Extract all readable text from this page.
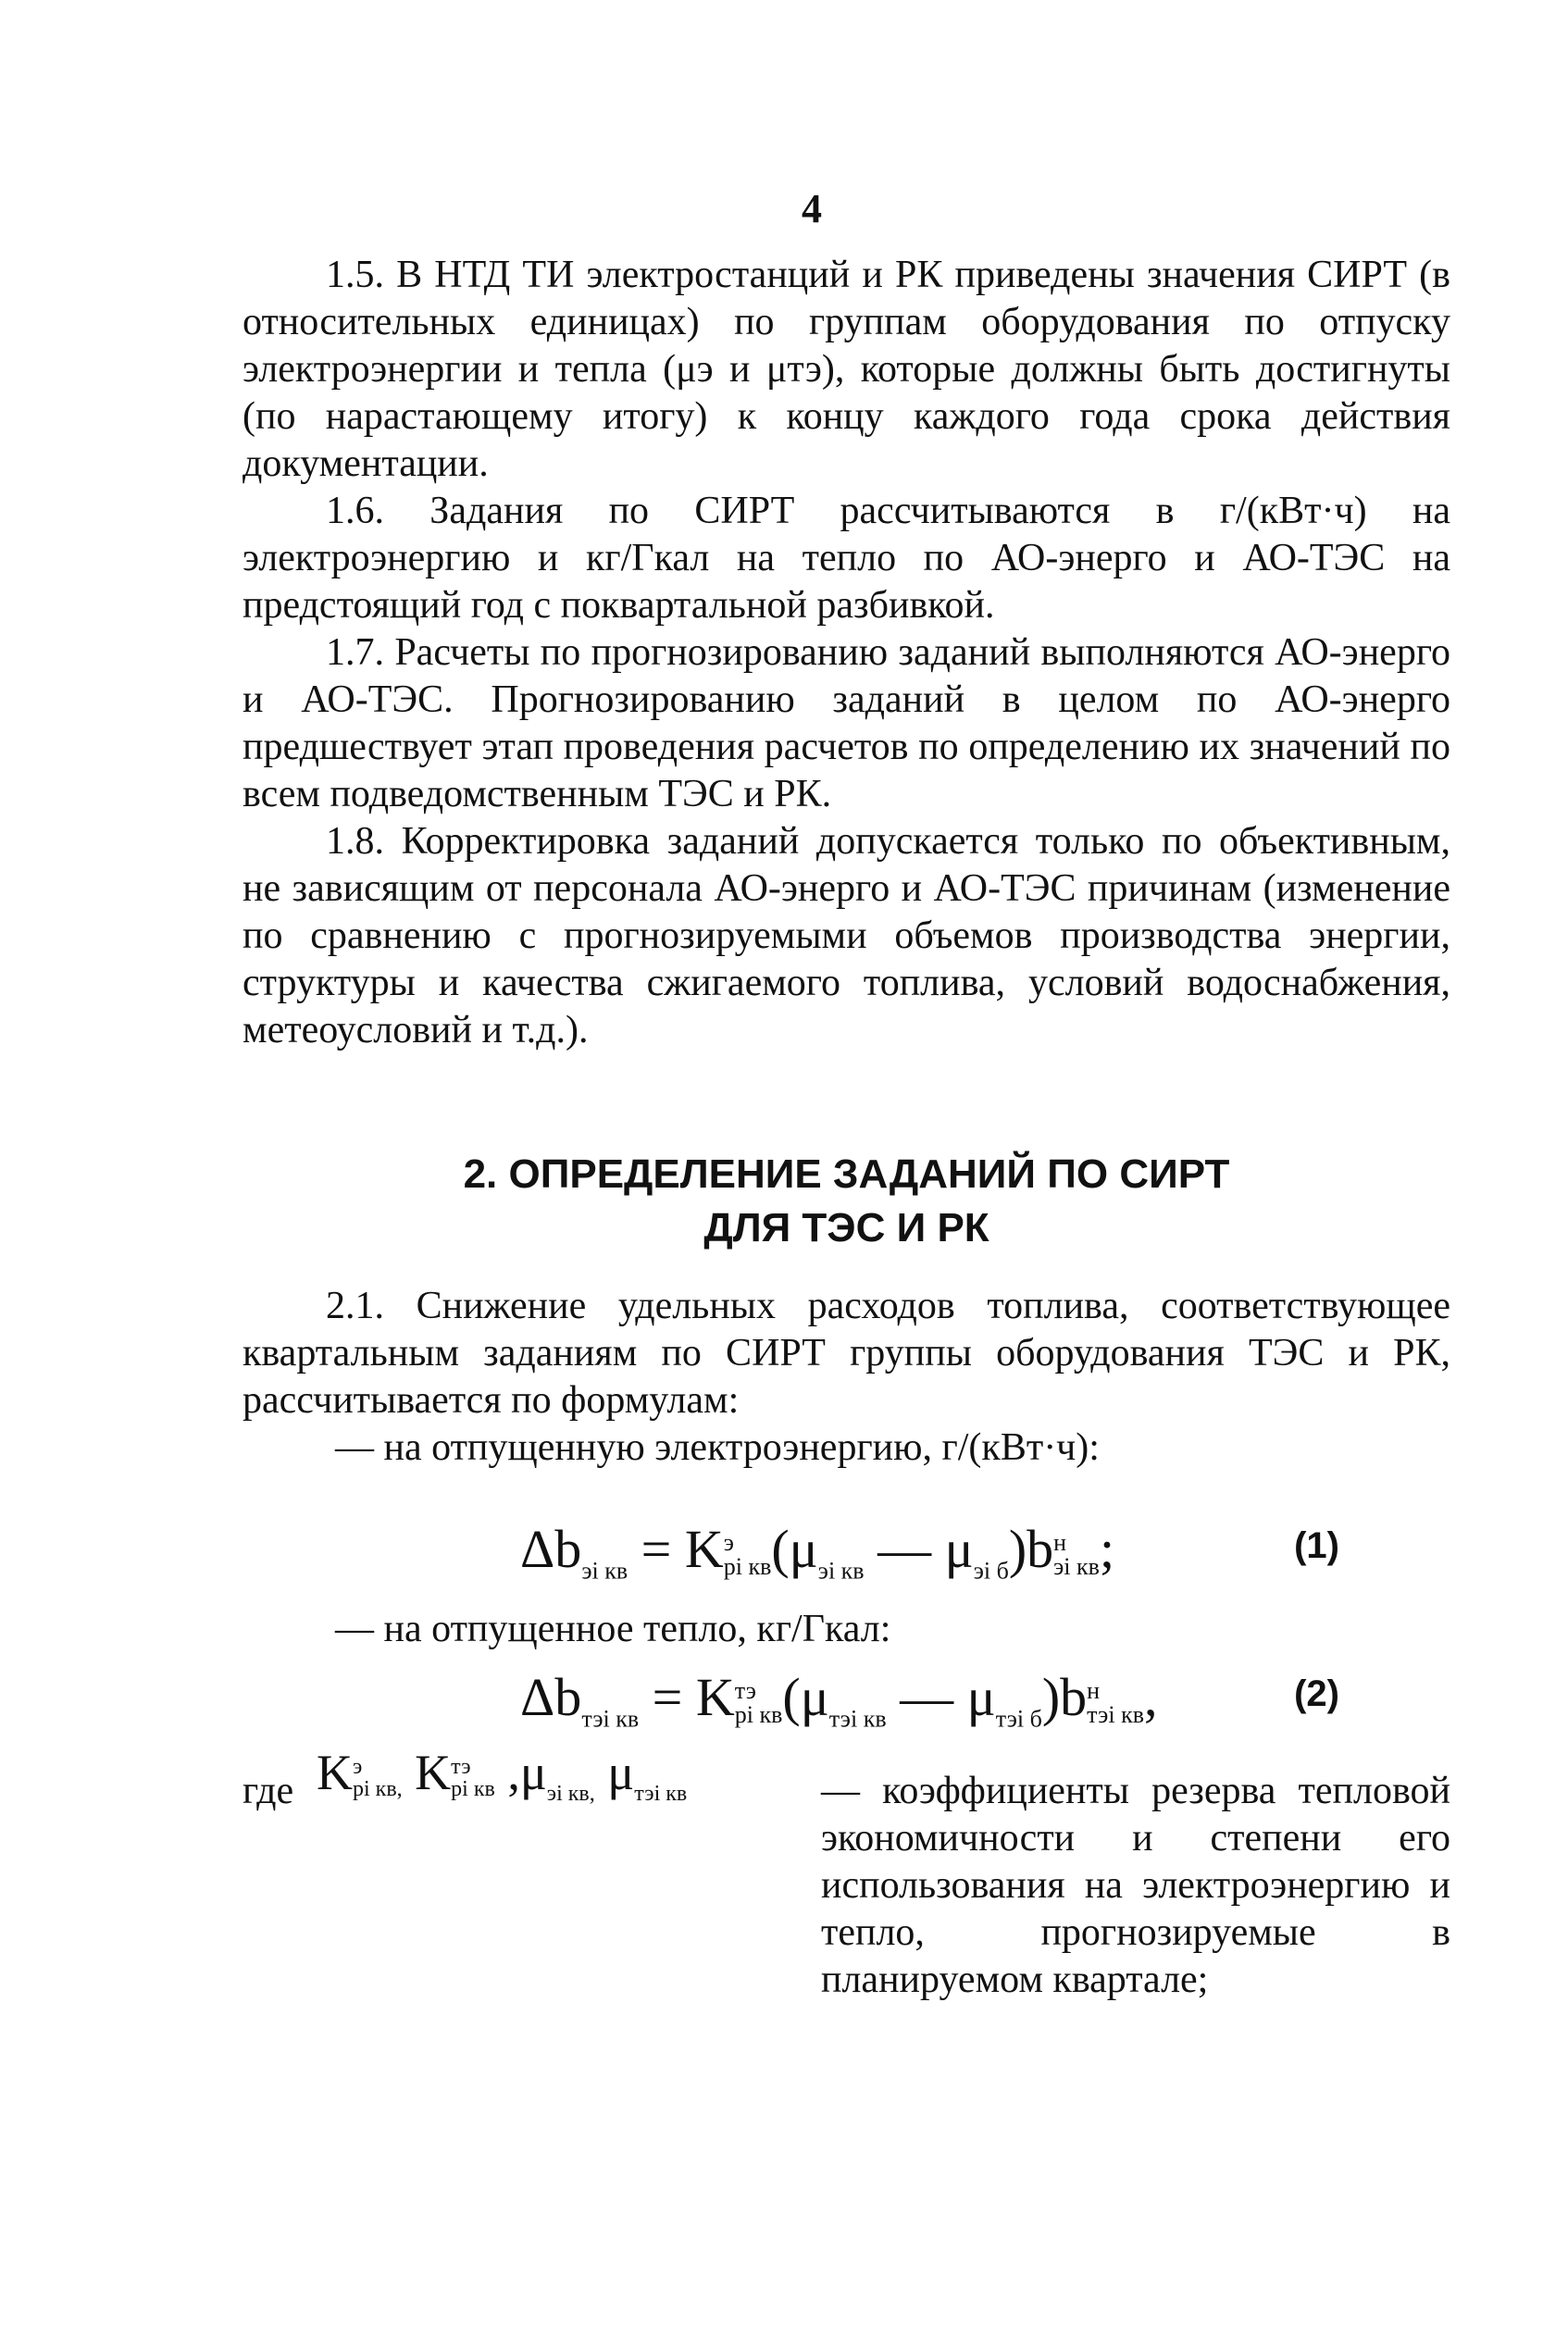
4

1.5. В НТД ТИ электростанций и РК приведены значения СИРТ (в относительных единицах) по группам оборудования по отпуску электроэнергии и тепла (μэ и μтэ), которые должны быть достигнуты (по нарастающему итогу) к концу каждого года срока действия документации.

1.6. Задания по СИРТ рассчитываются в г/(кВт·ч) на электроэнергию и кг/Гкал на тепло по АО-энерго и АО-ТЭС на предстоящий год с поквартальной разбивкой.

1.7. Расчеты по прогнозированию заданий выполняются АО-энерго и АО-ТЭС. Прогнозированию заданий в целом по АО-энерго предшествует этап проведения расчетов по определению их значений по всем подведомственным ТЭС и РК.

1.8. Корректировка заданий допускается только по объективным, не зависящим от персонала АО-энерго и АО-ТЭС причинам (изменение по сравнению с прогнозируемыми объемов производства энергии, структуры и качества сжигаемого топлива, условий водоснабжения, метеоусловий и т.д.).

2. ОПРЕДЕЛЕНИЕ ЗАДАНИЙ ПО СИРТ
ДЛЯ ТЭС И РК

2.1. Снижение удельных расходов топлива, соответствующее квартальным заданиям по СИРТ группы оборудования ТЭС и РК, рассчитывается по формулам:

— на отпущенную электроэнергию, г/(кВт·ч):

$\Delta b_{эi кв} = K$ э
pi кв ($\mu_{эi кв}$ — $\mu_{эi б})b$ н
эi кв ;	(1)

— на отпущенное тепло, кг/Гкал:

$\Delta b_{тэi кв} = K$ тэ
pi кв ($\mu_{тэi кв}$ — $\mu_{тэi б})b$ н
тэi кв ,	(2)
где K э
pi кв, K тэ
pi кв $,\mu_{эi кв,}$ $\mu_{тэi кв}$	— коэффициенты резерва тепловой экономичности и степени его использования на электроэнергию и тепло, прогнозируемые в планируемом квартале;
